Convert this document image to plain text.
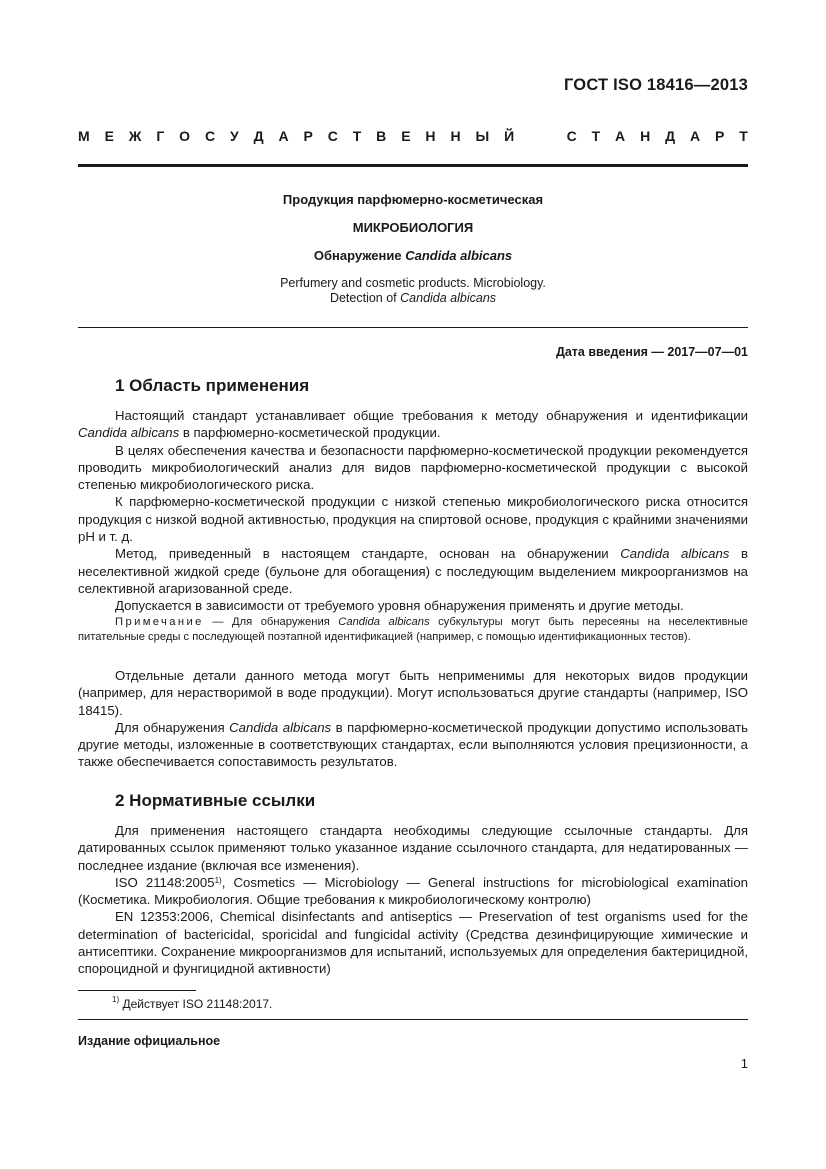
ГОСТ ISO 18416—2013
М Е Ж Г О С У Д А Р С Т В Е Н Н Ы Й

	С Т А Н Д А Р Т
Продукция парфюмерно-косметическая
МИКРОБИОЛОГИЯ
Обнаружение Candida albicans
Perfumery and cosmetic products. Microbiology.
Detection of Candida albicans
Дата введения — 2017—07—01
1 Область применения

Настоящий стандарт устанавливает общие требования к методу обнаружения и идентификации Candida albicans в парфюмерно-косметической продукции.

В целях обеспечения качества и безопасности парфюмерно-косметической продукции рекомендуется проводить микробиологический анализ для видов парфюмерно-косметической продукции с высокой степенью микробиологического риска.

К парфюмерно-косметической продукции с низкой степенью микробиологического риска относится продукция с низкой водной активностью, продукция на спиртовой основе, продукция с крайними значениями pH и т. д.

Метод, приведенный в настоящем стандарте, основан на обнаружении Candida albicans в неселективной жидкой среде (бульоне для обогащения) с последующим выделением микроорганизмов на селективной агаризованной среде.

Допускается в зависимости от требуемого уровня обнаружения применять и другие методы.

Примечание — Для обнаружения Candida albicans субкультуры могут быть пересеяны на неселективные питательные среды с последующей поэтапной идентификацией (например, с помощью идентификационных тестов).

Отдельные детали данного метода могут быть неприменимы для некоторых видов продукции (например, для нерастворимой в воде продукции). Могут использоваться другие стандарты (например, ISO 18415).

Для обнаружения Candida albicans в парфюмерно-косметической продукции допустимо использовать другие методы, изложенные в соответствующих стандартах, если выполняются условия прецизионности, а также обеспечивается сопоставимость результатов.

2 Нормативные ссылки

Для применения настоящего стандарта необходимы следующие ссылочные стандарты. Для датированных ссылок применяют только указанное издание ссылочного стандарта, для недатированных — последнее издание (включая все изменения).

ISO 21148:2005$^{1)}$, Cosmetics — Microbiology — General instructions for microbiological examination (Косметика. Микробиология. Общие требования к микробиологическому контролю)

EN 12353:2006, Chemical disinfectants and antiseptics — Preservation of test organisms used for the determination of bactericidal, sporicidal and fungicidal activity (Средства дезинфицирующие химические и антисептики. Сохранение микроорганизмов для испытаний, используемых для определения бактерицидной, спороцидной и фунгицидной активности)

$^{1)}$ Действует ISO 21148:2017.
Издание официальное
1
